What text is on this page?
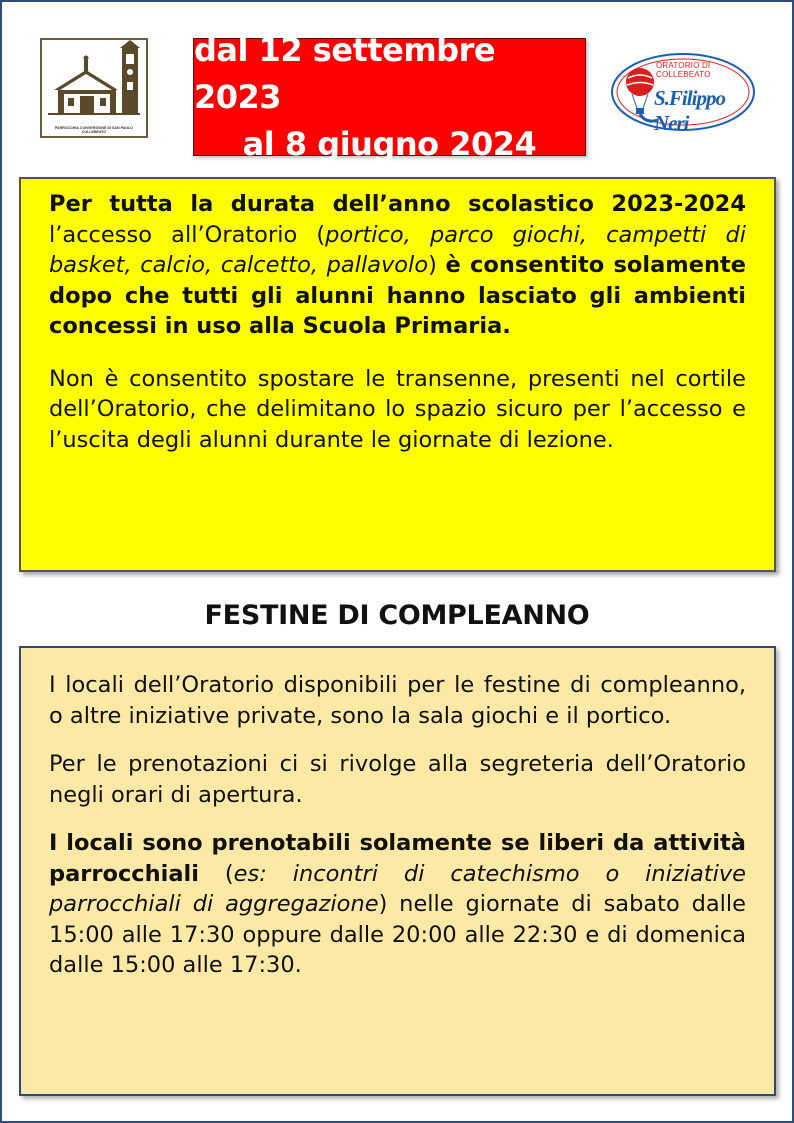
PARROCCHIA CONVERSIONE DI SAN PAOLO
COLLEBEATO
dal 12 settembre 2023
al 8 giugno 2024
ORATORIO DI COLLEBEATO
S.Filippo Neri

Per tutta la durata dell’anno scolastico 2023-2024 l’accesso all’Oratorio (portico, parco giochi, campetti di basket, calcio, calcetto, pallavolo) è consentito solamente dopo che tutti gli alunni hanno lasciato gli ambienti concessi in uso alla Scuola Primaria.

Non è consentito spostare le transenne, presenti nel cortile dell’Oratorio, che delimitano lo spazio sicuro per l’accesso e l’uscita degli alunni durante le giornate di lezione.

FESTINE DI COMPLEANNO

I locali dell’Oratorio disponibili per le festine di compleanno, o altre iniziative private, sono la sala giochi e il portico.

Per le prenotazioni ci si rivolge alla segreteria dell’Oratorio negli orari di apertura.

I locali sono prenotabili solamente se liberi da attività parrocchiali (es: incontri di catechismo o iniziative parrocchiali di aggregazione) nelle giornate di sabato dalle 15:00 alle 17:30 oppure dalle 20:00 alle 22:30 e di domenica dalle 15:00 alle 17:30.
